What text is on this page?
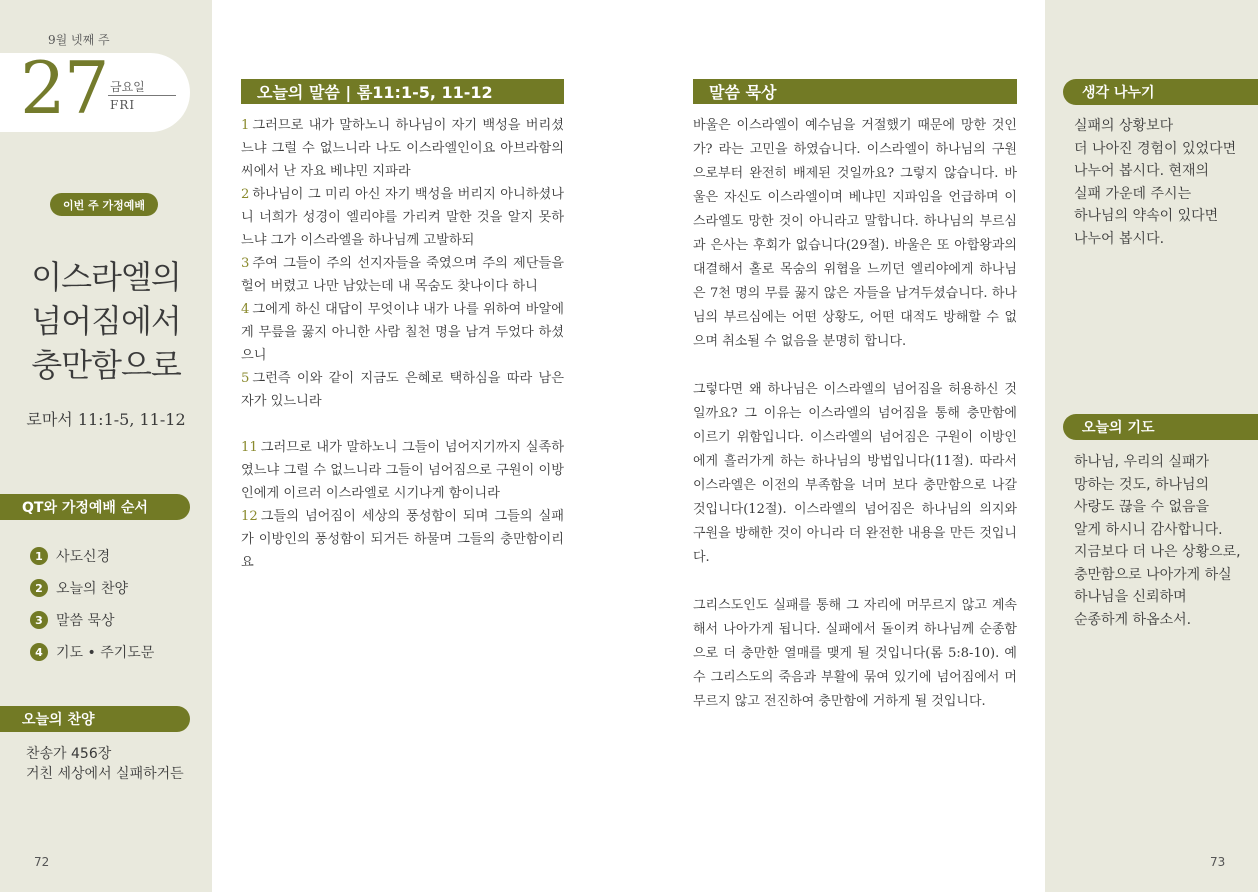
9월 넷째 주
27 금요일
FRI
이번 주 가정예배
이스라엘의
넘어짐에서
충만함으로
로마서 11:1-5, 11-12
QT와 가정예배 순서
1 사도신경
2 오늘의 찬양
3 말씀 묵상
4 기도 • 주기도문
오늘의 찬양
찬송가 456장
거친 세상에서 실패하거든
72
오늘의 말씀 | 롬11:1-5, 11-12

1 그러므로 내가 말하노니 하나님이 자기 백성을 버리셨느냐 그럴 수 없느니라 나도 이스라엘인이요 아브라함의 씨에서 난 자요 베냐민 지파라

2 하나님이 그 미리 아신 자기 백성을 버리지 아니하셨나니 너희가 성경이 엘리야를 가리켜 말한 것을 알지 못하느냐 그가 이스라엘을 하나님께 고발하되

3 주여 그들이 주의 선지자들을 죽였으며 주의 제단들을 헐어 버렸고 나만 남았는데 내 목숨도 찾나이다 하니

4 그에게 하신 대답이 무엇이냐 내가 나를 위하여 바알에게 무릎을 꿇지 아니한 사람 칠천 명을 남겨 두었다 하셨으니

5 그런즉 이와 같이 지금도 은혜로 택하심을 따라 남은 자가 있느니라

11 그러므로 내가 말하노니 그들이 넘어지기까지 실족하였느냐 그럴 수 없느니라 그들이 넘어짐으로 구원이 이방인에게 이르러 이스라엘로 시기나게 함이니라

12 그들의 넘어짐이 세상의 풍성함이 되며 그들의 실패가 이방인의 풍성함이 되거든 하물며 그들의 충만함이리요

말씀 묵상

바울은 이스라엘이 예수님을 거절했기 때문에 망한 것인가? 라는 고민을 하였습니다. 이스라엘이 하나님의 구원으로부터 완전히 배제된 것일까요? 그렇지 않습니다. 바울은 자신도 이스라엘이며 베냐민 지파임을 언급하며 이스라엘도 망한 것이 아니라고 말합니다. 하나님의 부르심과 은사는 후회가 없습니다(29절). 바울은 또 아합왕과의 대결해서 홀로 목숨의 위협을 느끼던 엘리야에게 하나님은 7천 명의 무릎 꿇지 않은 자들을 남겨두셨습니다. 하나님의 부르심에는 어떤 상황도, 어떤 대적도 방해할 수 없으며 취소될 수 없음을 분명히 합니다.

그렇다면 왜 하나님은 이스라엘의 넘어짐을 허용하신 것일까요? 그 이유는 이스라엘의 넘어짐을 통해 충만함에 이르기 위함입니다. 이스라엘의 넘어짐은 구원이 이방인에게 흘러가게 하는 하나님의 방법입니다(11절). 따라서 이스라엘은 이전의 부족함을 너머 보다 충만함으로 나갈 것입니다(12절). 이스라엘의 넘어짐은 하나님의 의지와 구원을 방해한 것이 아니라 더 완전한 내용을 만든 것입니다.

그리스도인도 실패를 통해 그 자리에 머무르지 않고 계속해서 나아가게 됩니다. 실패에서 돌이켜 하나님께 순종함으로 더 충만한 열매를 맺게 될 것입니다(롬 5:8-10). 예수 그리스도의 죽음과 부활에 묶여 있기에 넘어짐에서 머무르지 않고 전진하여 충만함에 거하게 될 것입니다.

생각 나누기
실패의 상황보다
더 나아진 경험이 있었다면
나누어 봅시다. 현재의
실패 가운데 주시는
하나님의 약속이 있다면
나누어 봅시다.
오늘의 기도
하나님, 우리의 실패가
망하는 것도, 하나님의
사랑도 끊을 수 없음을
알게 하시니 감사합니다.
지금보다 더 나은 상황으로,
충만함으로 나아가게 하실
하나님을 신뢰하며
순종하게 하옵소서.
73
